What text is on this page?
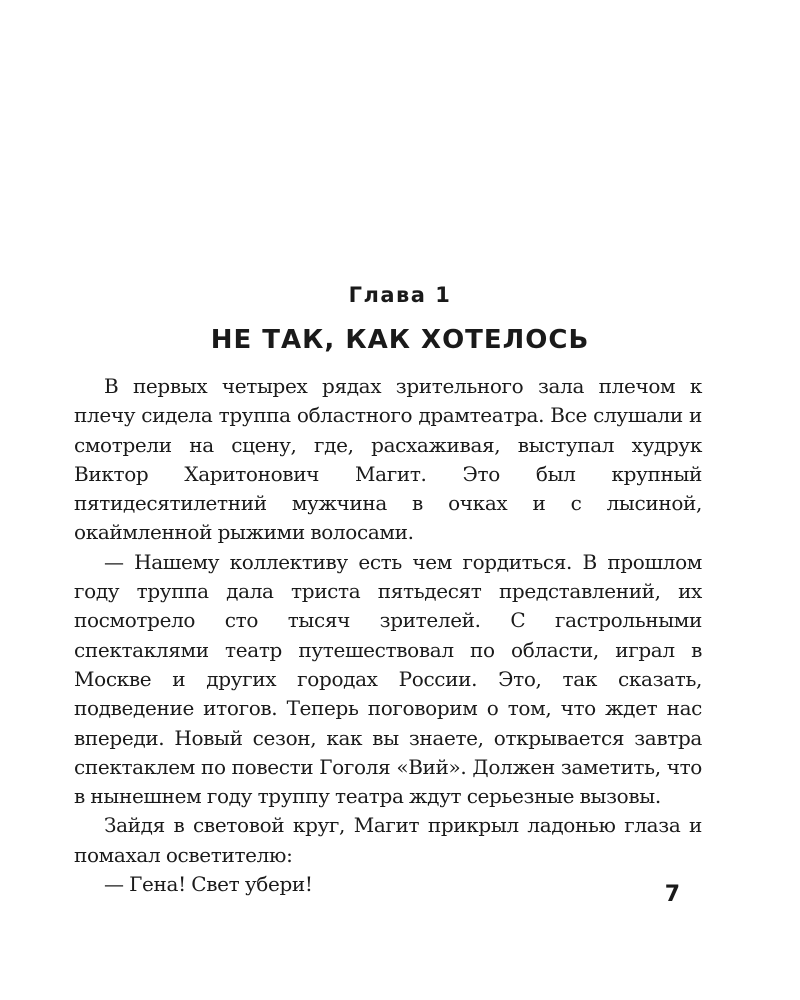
Глава 1
НЕ ТАК, КАК ХОТЕЛОСЬ

В первых четырех рядах зрительного зала плечом к плечу сидела труппа областного драмтеатра. Все слушали и смотрели на сцену, где, расхаживая, выступал худрук Виктор Харитонович Магит. Это был крупный пятидесятилетний мужчина в очках и с лысиной, окаймленной рыжими волосами.

— Нашему коллективу есть чем гордиться. В прошлом году труппа дала триста пятьдесят представлений, их посмотрело сто тысяч зрителей. С гастрольными спектаклями театр путешествовал по области, играл в Москве и других городах России. Это, так сказать, подведение итогов. Теперь поговорим о том, что ждет нас впереди. Новый сезон, как вы знаете, открывается завтра спектаклем по повести Гоголя «Вий». Должен заметить, что в нынешнем году труппу театра ждут серьезные вызовы.

Зайдя в световой круг, Магит прикрыл ладонью глаза и помахал осветителю:

— Гена! Свет убери!	7
